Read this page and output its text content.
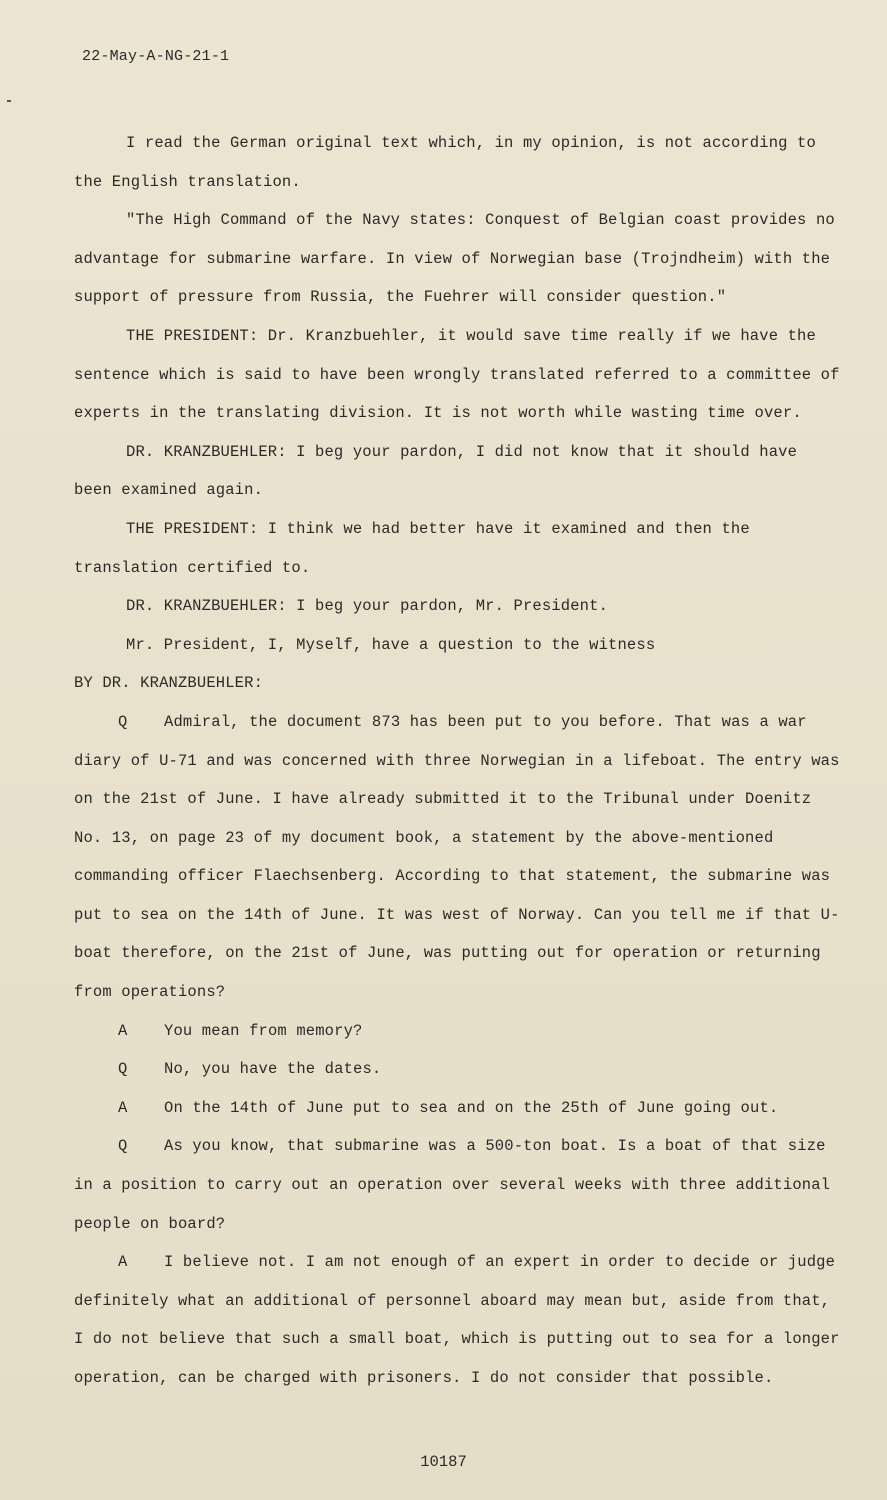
22-May-A-NG-21-1

I read the German original text which, in my opinion, is not according to the English translation.

"The High Command of the Navy states: Conquest of Belgian coast provides no advantage for submarine warfare. In view of Norwegian base (Trojndheim) with the support of pressure from Russia, the Fuehrer will consider question."

THE PRESIDENT: Dr. Kranzbuehler, it would save time really if we have the sentence which is said to have been wrongly translated referred to a committee of experts in the translating division. It is not worth while wasting time over.

DR. KRANZBUEHLER: I beg your pardon, I did not know that it should have been examined again.

THE PRESIDENT: I think we had better have it examined and then the translation certified to.

DR. KRANZBUEHLER: I beg your pardon, Mr. President.

Mr. President, I, Myself, have a question to the witness

BY DR. KRANZBUEHLER:

Q Admiral, the document 873 has been put to you before. That was a war diary of U-71 and was concerned with three Norwegian in a lifeboat. The entry was on the 21st of June. I have already submitted it to the Tribunal under Doenitz No. 13, on page 23 of my document book, a statement by the above-mentioned commanding officer Flaechsenberg. According to that statement, the submarine was put to sea on the 14th of June. It was west of Norway. Can you tell me if that U-boat therefore, on the 21st of June, was putting out for operation or returning from operations?

A	You mean from memory?

Q	No, you have the dates.

A	On the 14th of June put to sea and on the 25th of June going out.

Q As you know, that submarine was a 500-ton boat. Is a boat of that size in a position to carry out an operation over several weeks with three additional people on board?

A I believe not. I am not enough of an expert in order to decide or judge definitely what an additional of personnel aboard may mean but, aside from that, I do not believe that such a small boat, which is putting out to sea for a longer operation, can be charged with prisoners. I do not consider that possible.

10187
